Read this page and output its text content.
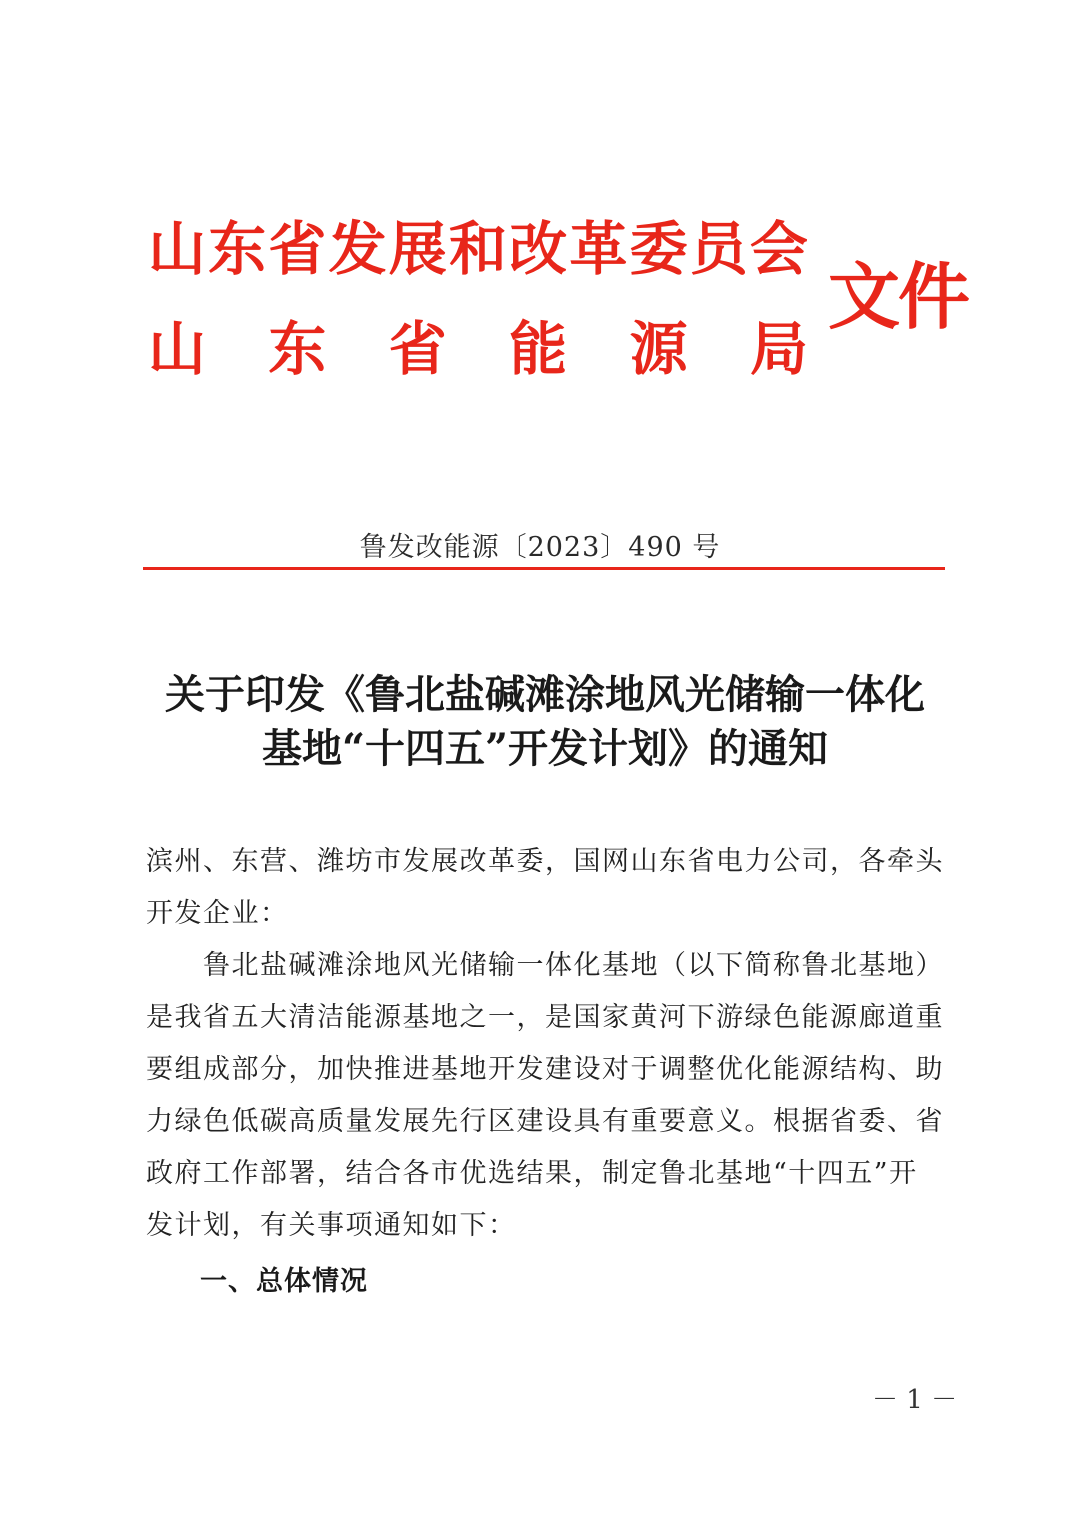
山 东 省 发 展 和 改 革 委 员 会
山 东 省 能 源 局
文件
鲁发改能源〔2023〕490 号
关于印发《鲁北盐碱滩涂地风光储输一体化
基地“十四五”开发计划》的通知
滨州、东营、潍坊市发展改革委，国网山东省电力公司，各牵头
开发企业：
　　鲁北盐碱滩涂地风光储输一体化基地（以下简称鲁北基地）
是我省五大清洁能源基地之一，是国家黄河下游绿色能源廊道重
要组成部分，加快推进基地开发建设对于调整优化能源结构、助
力绿色低碳高质量发展先行区建设具有重要意义。根据省委、省
政府工作部署，结合各市优选结果，制定鲁北基地“十四五”开
发计划，有关事项通知如下：
一、总体情况
－ 1 －
